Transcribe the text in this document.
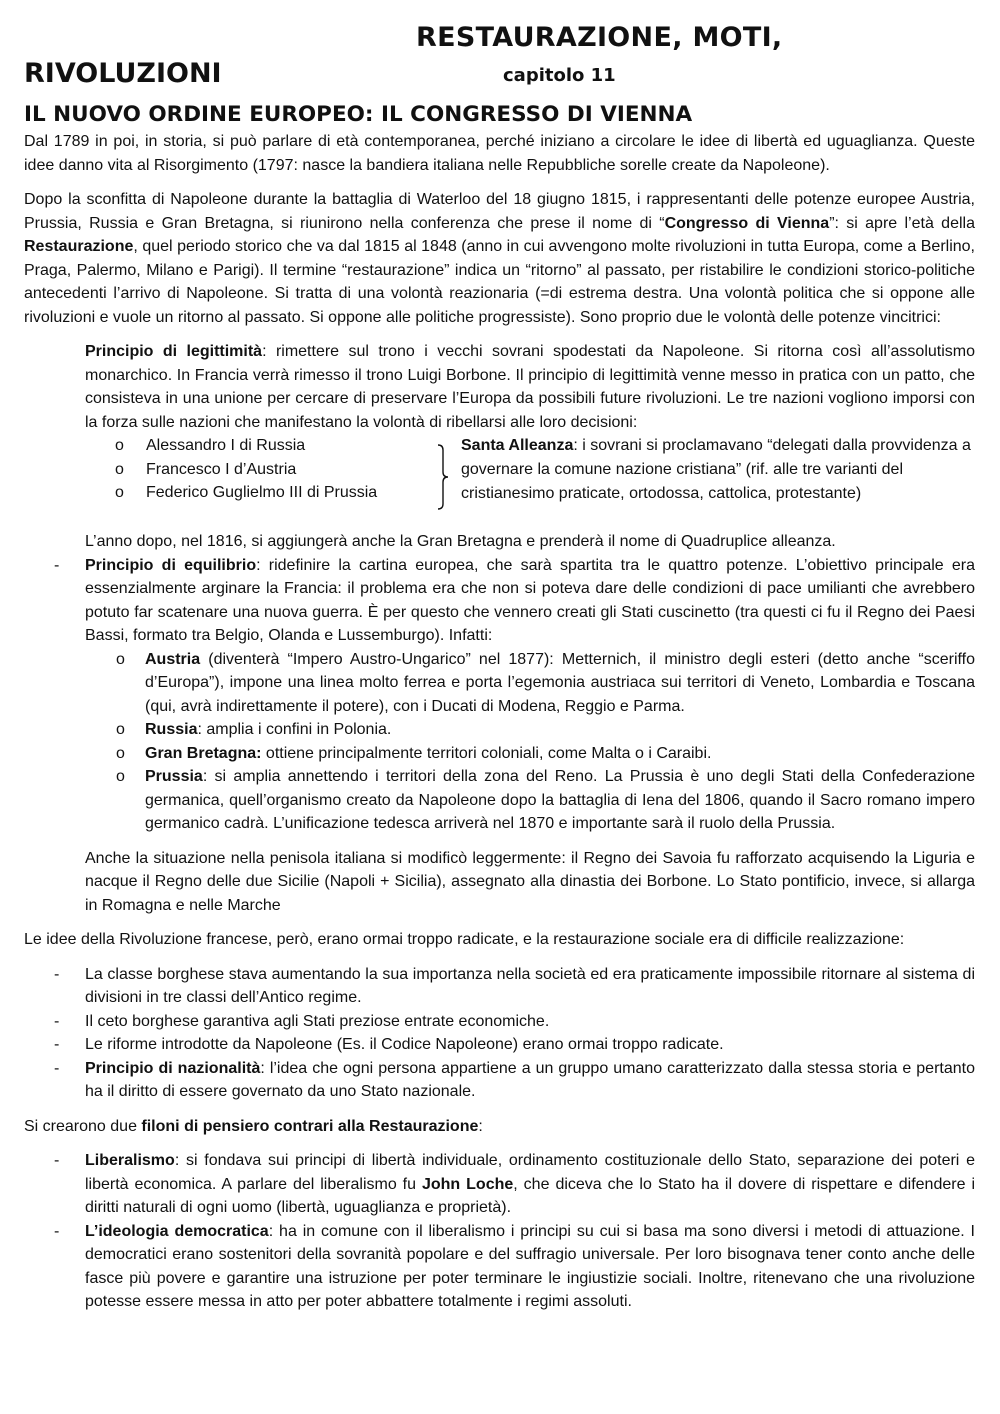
RESTAURAZIONE, MOTI,
RIVOLUZIONI	capitolo 11
IL NUOVO ORDINE EUROPEO: IL CONGRESSO DI VIENNA

Dal 1789 in poi, in storia, si può parlare di età contemporanea, perché iniziano a circolare le idee di libertà ed uguaglianza. Queste idee danno vita al Risorgimento (1797: nasce la bandiera italiana nelle Repubbliche sorelle create da Napoleone).

Dopo la sconfitta di Napoleone durante la battaglia di Waterloo del 18 giugno 1815, i rappresentanti delle potenze europee Austria, Prussia, Russia e Gran Bretagna, si riunirono nella conferenza che prese il nome di “Congresso di Vienna”: si apre l’età della Restaurazione, quel periodo storico che va dal 1815 al 1848 (anno in cui avvengono molte rivoluzioni in tutta Europa, come a Berlino, Praga, Palermo, Milano e Parigi). Il termine “restaurazione” indica un “ritorno” al passato, per ristabilire le condizioni storico-politiche antecedenti l’arrivo di Napoleone. Si tratta di una volontà reazionaria (=di estrema destra. Una volontà politica che si oppone alle rivoluzioni e vuole un ritorno al passato. Si oppone alle politiche progressiste). Sono proprio due le volontà delle potenze vincitrici:

Principio di legittimità: rimettere sul trono i vecchi sovrani spodestati da Napoleone. Si ritorna così all’assolutismo monarchico. In Francia verrà rimesso il trono Luigi Borbone. Il principio di legittimità venne messo in pratica con un patto, che consisteva in una unione per cercare di preservare l’Europa da possibili future rivoluzioni. Le tre nazioni vogliono imporsi con la forza sulle nazioni che manifestano la volontà di ribellarsi alle loro decisioni:

o	Alessandro I di Russia
o	Francesco I d’Austria
o	Federico Guglielmo III di Prussia
Santa Alleanza: i sovrani si proclamavano “delegati dalla provvidenza a governare la comune nazione cristiana” (rif. alle tre varianti del cristianesimo praticate, ortodossa, cattolica, protestante)

L’anno dopo, nel 1816, si aggiungerà anche la Gran Bretagna e prenderà il nome di Quadruplice alleanza.

-	Principio di equilibrio: ridefinire la cartina europea, che sarà spartita tra le quattro potenze. L’obiettivo principale era essenzialmente arginare la Francia: il problema era che non si poteva dare delle condizioni di pace umilianti che avrebbero potuto far scatenare una nuova guerra. È per questo che vennero creati gli Stati cuscinetto (tra questi ci fu il Regno dei Paesi Bassi, formato tra Belgio, Olanda e Lussemburgo). Infatti:
o	Austria (diventerà “Impero Austro-Ungarico” nel 1877): Metternich, il ministro degli esteri (detto anche “sceriffo d’Europa”), impone una linea molto ferrea e porta l’egemonia austriaca sui territori di Veneto, Lombardia e Toscana (qui, avrà indirettamente il potere), con i Ducati di Modena, Reggio e Parma.
o	Russia: amplia i confini in Polonia.
o	Gran Bretagna: ottiene principalmente territori coloniali, come Malta o i Caraibi.
o	Prussia: si amplia annettendo i territori della zona del Reno. La Prussia è uno degli Stati della Confederazione germanica, quell’organismo creato da Napoleone dopo la battaglia di Iena del 1806, quando il Sacro romano impero germanico cadrà. L’unificazione tedesca arriverà nel 1870 e importante sarà il ruolo della Prussia.

Anche la situazione nella penisola italiana si modificò leggermente: il Regno dei Savoia fu rafforzato acquisendo la Liguria e nacque il Regno delle due Sicilie (Napoli + Sicilia), assegnato alla dinastia dei Borbone. Lo Stato pontificio, invece, si allarga in Romagna e nelle Marche

Le idee della Rivoluzione francese, però, erano ormai troppo radicate, e la restaurazione sociale era di difficile realizzazione:

-	La classe borghese stava aumentando la sua importanza nella società ed era praticamente impossibile ritornare al sistema di divisioni in tre classi dell’Antico regime.
-	Il ceto borghese garantiva agli Stati preziose entrate economiche.
-	Le riforme introdotte da Napoleone (Es. il Codice Napoleone) erano ormai troppo radicate.
-	Principio di nazionalità: l’idea che ogni persona appartiene a un gruppo umano caratterizzato dalla stessa storia e pertanto ha il diritto di essere governato da uno Stato nazionale.

Si crearono due filoni di pensiero contrari alla Restaurazione:

-	Liberalismo: si fondava sui principi di libertà individuale, ordinamento costituzionale dello Stato, separazione dei poteri e libertà economica. A parlare del liberalismo fu John Loche, che diceva che lo Stato ha il dovere di rispettare e difendere i diritti naturali di ogni uomo (libertà, uguaglianza e proprietà).
-	L’ideologia democratica: ha in comune con il liberalismo i principi su cui si basa ma sono diversi i metodi di attuazione. I democratici erano sostenitori della sovranità popolare e del suffragio universale. Per loro bisognava tener conto anche delle fasce più povere e garantire una istruzione per poter terminare le ingiustizie sociali. Inoltre, ritenevano che una rivoluzione potesse essere messa in atto per poter abbattere totalmente i regimi assoluti.
